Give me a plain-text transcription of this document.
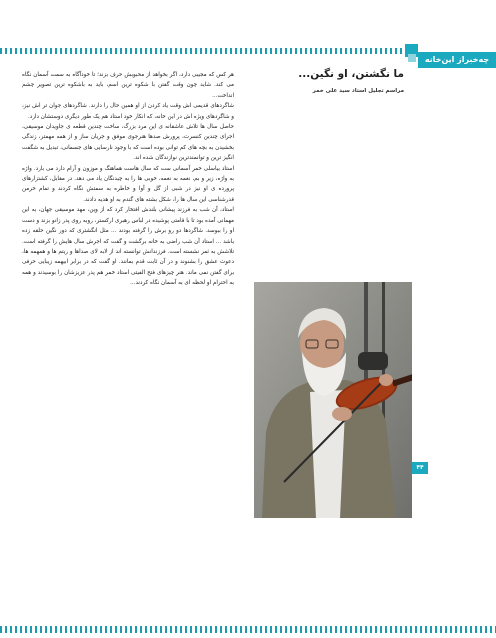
چه‌خبراز این‌خانه
ما نگشتن، او نگین...

مراسم تجلیل استاد سید علی خمر

هر کس که مجیبی دارد، اگر بخواهد از محبوبش حرف بزند؛ تا خودآگاه به سمت آسمان نگاه می کند. شاید چون وقت گفتن با شکوه ترین اسم، باید به باشکوه ترین تصویر چشم انداخت...

شاگردهای قدیمی اش وقت یاد کردن از او همین حال را دارند. شاگردهای جوان تر اش نیز، و شاگردهای ویژه اش در این خانه، که انکار خود استاد هم یک طور دیگری دوستشان دارد.

حاصل سال ها تلاش عاشقانه ی این مرد بزرگ، ساخت چندین قطعه ی جاویدان موسیقی، اجرای چندین کنسرت، پرورش صدها هنرجوی موفق و جریان ساز و از همه مهمتر، زندگی بخشیدن به بچه های کم توانی بوده است که با وجود نارسایی های جسمانی، تبدیل به شگفت انگیز ترین و توانمندترین نوازندگان شده اند.

استاد بیاسلی خمر آسمانی ست که سال هاست هماهنگ و موزون و آرام دارد می بارد. واژه به واژه، زیر و بم، نغمه به نغمه، خوبی ها را به چیدنگان یاد می دهد. در مقابل، کشتزارهای پرورده ی او نیز در شبی از گل و آوا و خاطره به سمتش نگاه کردند و تمام خرمن قدرشناسی این سال ها را، شکل بشته های گندم به او هدیه دادند.

استاد، آن شب به فرزند پیشانی بلندش افتخار کرد که از وین، مهد موسیقی جهان، به این مهمانی آمده بود تا با قامتی پوشیده در لباس رهبری ارکستر، روبه روی پدر زانو بزند و دست او را ببوسد. شاگردها دو رو برش را گرفته بودند ... مثل انگشتری که دور نگین حلقه زده باشد ... استاد آن شب راضی به خانه برگشت و گفت که اجرش سال هایش را گرفته است. تلاشش به ثمر نشسته است. فرزندانش توانسته اند از لابه لای صداها و ریتم ها و همهمه ها، دعوت عشق را بشنوند و در آن ثابت قدم بمانند. او گفت که در برابر ابیهمه زیبایی حرفی برای گفتن نمی ماند. هنر چیزهای فتح الفیتی استاد خمر هم پدر عزیزشان را بوسیدند و همه به احترام او لحظه ای به آسمان نگاه کردند...

۴۴
